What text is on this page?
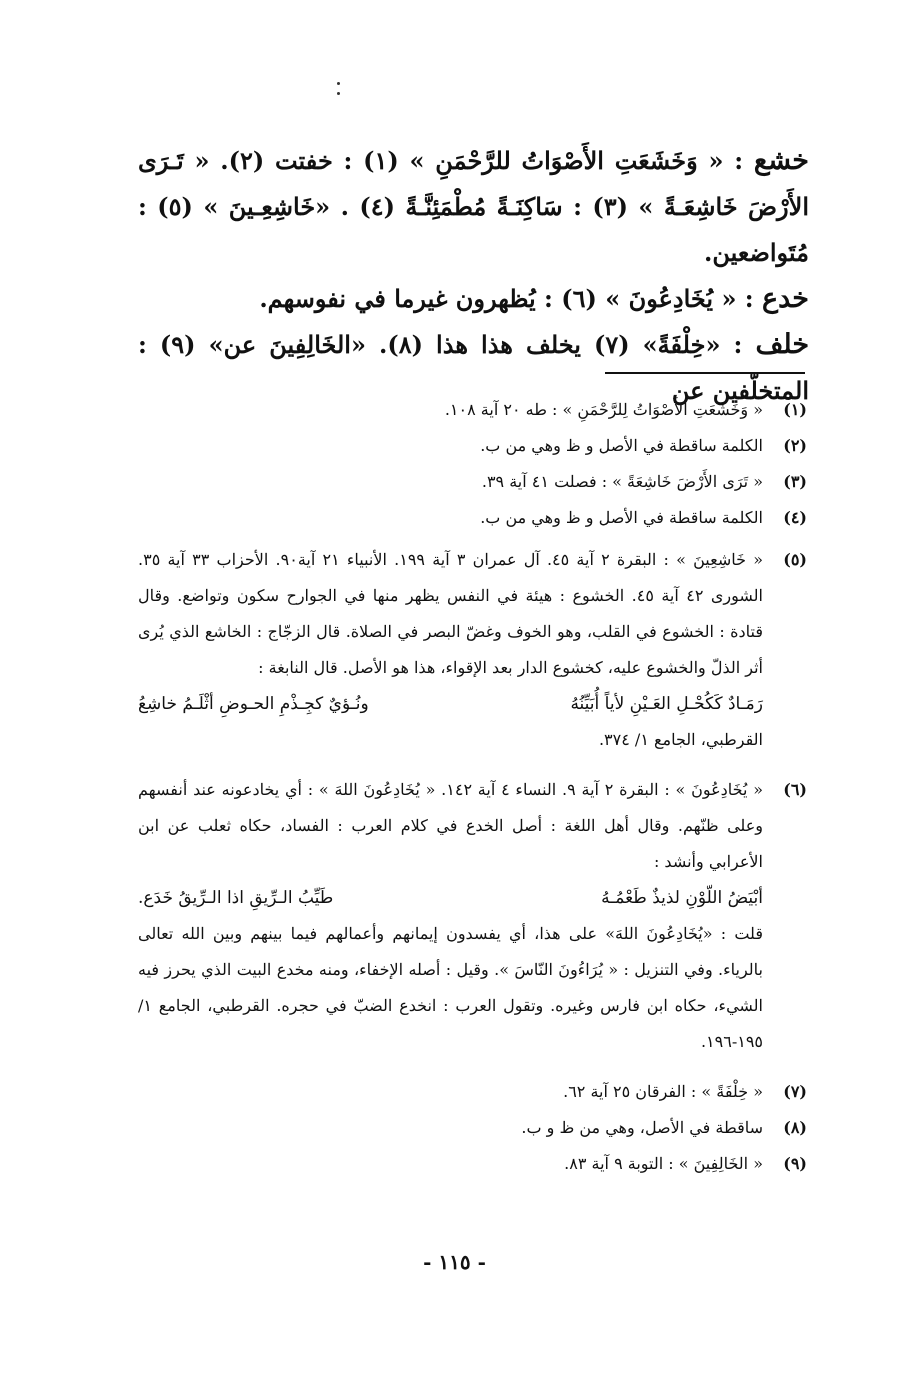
خشع : « وَخَشَعَتِ الأَصْوَاتُ للرَّحْمَنِ » (١) : خفتت (٢). « تَـرَى الأَرْضَ خَاشِعَـةً » (٣) : سَاكِنَـةً مُطْمَئِنَّـةً (٤) . «خَاشِعِـينَ » (٥) : مُتَواضعين.

خدع : « يُخَادِعُونَ » (٦) : يُظهرون غيرما في نفوسهم.

خلف : «خِلْفَةً» (٧) يخلف هذا هذا (٨). «الخَالِفِينَ عن» (٩) : المتخلّفين عن

(١)
« وَخَشَعَتِ الأَصْوَاتُ لِلرَّحْمَنِ » : طه ٢٠ آية ١٠٨.

(٢)
الكلمة ساقطة في الأصل و ظ وهي من ب.

(٣)
« تَرَى الأَرْضَ خَاشِعَةً » : فصلت ٤١ آية ٣٩.

(٤)
الكلمة ساقطة في الأصل و ظ وهي من ب.

(٥)
« خَاشِعِينَ » : البقرة ٢ آية ٤٥. آل عمران ٣ آية ١٩٩. الأنبياء ٢١ آية٩٠. الأحزاب ٣٣ آية ٣٥. الشورى ٤٢ آية ٤٥. الخشوع : هيئة في النفس يظهر منها في الجوارح سكون وتواضع. وقال قتادة : الخشوع في القلب، وهو الخوف وغضّ البصر في الصلاة. قال الزجّاج : الخاشع الذي يُرى أثر الذلّ والخشوع عليه، كخشوع الدار بعد الإقواء، هذا هو الأصل. قال النابغة :
رَمَـادٌ كَكُحْـلِ العَـيْنِ لأياً أُبَيِّنُهُ
ونُـؤيٌ كجِـذْمِ الحـوضِ أثْلَـمُ خاشِعُ
القرطبي، الجامع ١/ ٣٧٤.
(٦)
« يُخَادِعُونَ » : البقرة ٢ آية ٩. النساء ٤ آية ١٤٢. « يُخَادِعُونَ اللهَ » : أي يخادعونه عند أنفسهم وعلى ظنّهم. وقال أهل اللغة : أصل الخدع في كلام العرب : الفساد، حكاه ثعلب عن ابن الأعرابي وأنشد :
أبْيَضُ اللّوْنِ لذيذٌ طَعْمُـهُ
طَيِّبُ الـرِّيقِ اذا الـرِّيقُ خَدَع.
قلت : «يُخَادِعُونَ اللهَ» على هذا، أي يفسدون إيمانهم وأعمالهم فيما بينهم وبين الله تعالى بالرياء. وفي التنزيل : « يُرَاءُونَ النّاسَ ». وقيل : أصله الإخفاء، ومنه مخدع البيت الذي يحرز فيه الشيء، حكاه ابن فارس وغيره. وتقول العرب : انخدع الضبّ في حجره. القرطبي، الجامع ١/ ١٩٥-١٩٦.

(٧)
« خِلْفَةً » : الفرقان ٢٥ آية ٦٢.

(٨)
ساقطة في الأصل، وهي من ظ و ب.

(٩)
« الخَالِفِينَ » : التوبة ٩ آية ٨٣.

- ١١٥ -
